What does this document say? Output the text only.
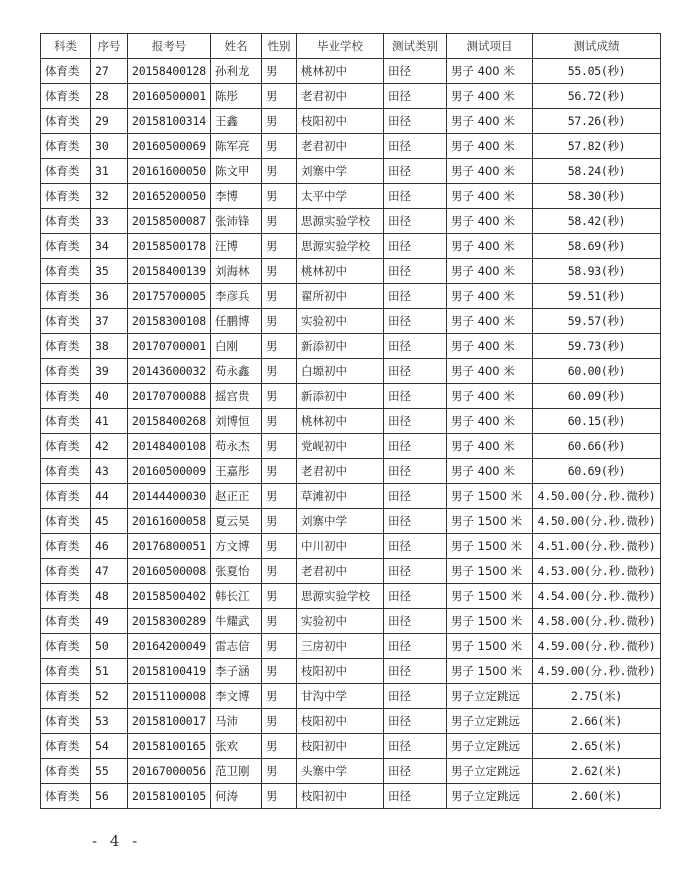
科类	序号	报考号	姓名	性别	毕业学校	测试类别	测试项目	测试成绩
体育类	27	20158400128	孙利龙	男	桃林初中	田径	男子 400 米	55.05(秒)
体育类	28	20160500001	陈彤	男	老君初中	田径	男子 400 米	56.72(秒)
体育类	29	20158100314	王鑫	男	枝阳初中	田径	男子 400 米	57.26(秒)
体育类	30	20160500069	陈军亮	男	老君初中	田径	男子 400 米	57.82(秒)
体育类	31	20161600050	陈文甲	男	刘寨中学	田径	男子 400 米	58.24(秒)
体育类	32	20165200050	李博	男	太平中学	田径	男子 400 米	58.30(秒)
体育类	33	20158500087	张沛锋	男	思源实验学校	田径	男子 400 米	58.42(秒)
体育类	34	20158500178	汪博	男	思源实验学校	田径	男子 400 米	58.69(秒)
体育类	35	20158400139	刘海林	男	桃林初中	田径	男子 400 米	58.93(秒)
体育类	36	20175700005	李彦兵	男	翟所初中	田径	男子 400 米	59.51(秒)
体育类	37	20158300108	任鹏博	男	实验初中	田径	男子 400 米	59.57(秒)
体育类	38	20170700001	白刚	男	新添初中	田径	男子 400 米	59.73(秒)
体育类	39	20143600032	苟永鑫	男	白塬初中	田径	男子 400 米	60.00(秒)
体育类	40	20170700088	摇宫贵	男	新添初中	田径	男子 400 米	60.09(秒)
体育类	41	20158400268	刘博恒	男	桃林初中	田径	男子 400 米	60.15(秒)
体育类	42	20148400108	苟永杰	男	党岘初中	田径	男子 400 米	60.66(秒)
体育类	43	20160500009	王嘉彤	男	老君初中	田径	男子 400 米	60.69(秒)
体育类	44	20144400030	赵正正	男	草滩初中	田径	男子 1500 米	4.50.00(分.秒.微秒)
体育类	45	20161600058	夏云昊	男	刘寨中学	田径	男子 1500 米	4.50.00(分.秒.微秒)
体育类	46	20176800051	方文博	男	中川初中	田径	男子 1500 米	4.51.00(分.秒.微秒)
体育类	47	20160500008	张夏怡	男	老君初中	田径	男子 1500 米	4.53.00(分.秒.微秒)
体育类	48	20158500402	韩长江	男	思源实验学校	田径	男子 1500 米	4.54.00(分.秒.微秒)
体育类	49	20158300289	牛耀武	男	实验初中	田径	男子 1500 米	4.58.00(分.秒.微秒)
体育类	50	20164200049	雷志信	男	三房初中	田径	男子 1500 米	4.59.00(分.秒.微秒)
体育类	51	20158100419	李子涵	男	枝阳初中	田径	男子 1500 米	4.59.00(分.秒.微秒)
体育类	52	20151100008	李文博	男	甘沟中学	田径	男子立定跳远	2.75(米)
体育类	53	20158100017	马沛	男	枝阳初中	田径	男子立定跳远	2.66(米)
体育类	54	20158100165	张欢	男	枝阳初中	田径	男子立定跳远	2.65(米)
体育类	55	20167000056	范卫刚	男	头寨中学	田径	男子立定跳远	2.62(米)
体育类	56	20158100105	何涛	男	枝阳初中	田径	男子立定跳远	2.60(米)
- 4 -
